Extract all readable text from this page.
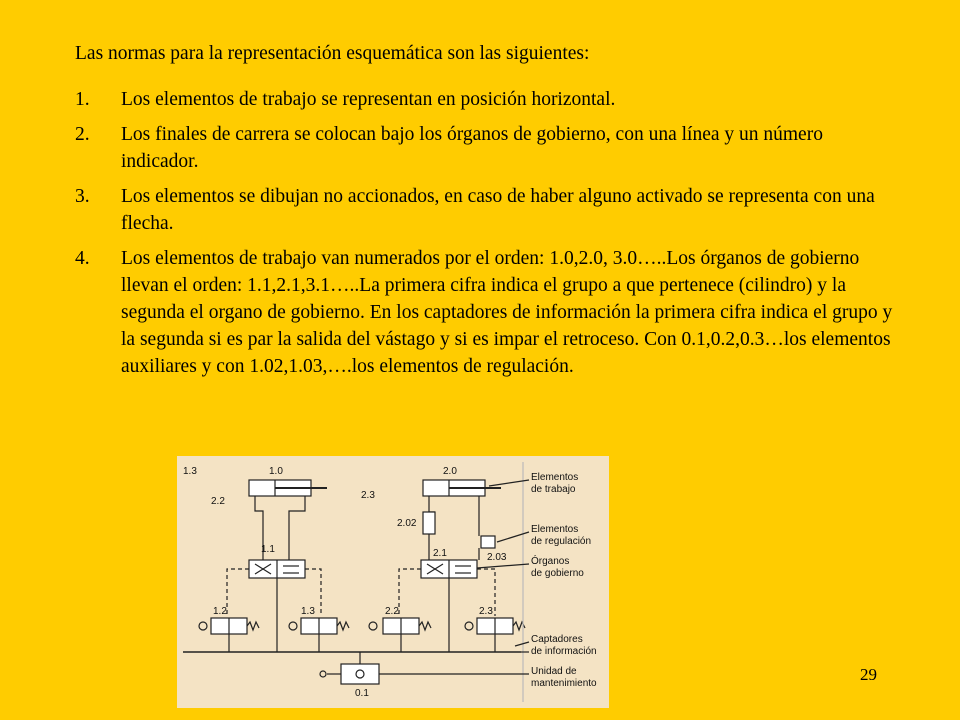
Las normas para la representación esquemática son las siguientes:
1. Los elementos de trabajo se representan en posición horizontal.
2. Los finales de carrera se colocan bajo los órganos de gobierno, con una línea y un número indicador.
3. Los elementos se dibujan no accionados, en caso de haber alguno activado se representa con una flecha.
4. Los elementos de trabajo van numerados por el orden: 1.0,2.0, 3.0…..Los órganos de gobierno llevan el orden: 1.1,2.1,3.1…..La primera cifra indica el grupo a que pertenece (cilindro) y la segunda el organo de gobierno. En los captadores de información la primera cifra indica el grupo y la segunda si es par la salida del vástago y si es impar el retroceso. Con 0.1,0.2,0.3…los elementos auxiliares y con 1.02,1.03,….los elementos de regulación.
1.3
2.2
1.0
2.3
2.0
2.02
1.1	2.1	2.03
1.2	1.3	2.2	2.3
0.1
Elementos
de trabajo
Elementos
de regulación
Órganos
de gobierno
Captadores
de información
Unidad de
mantenimiento	29
